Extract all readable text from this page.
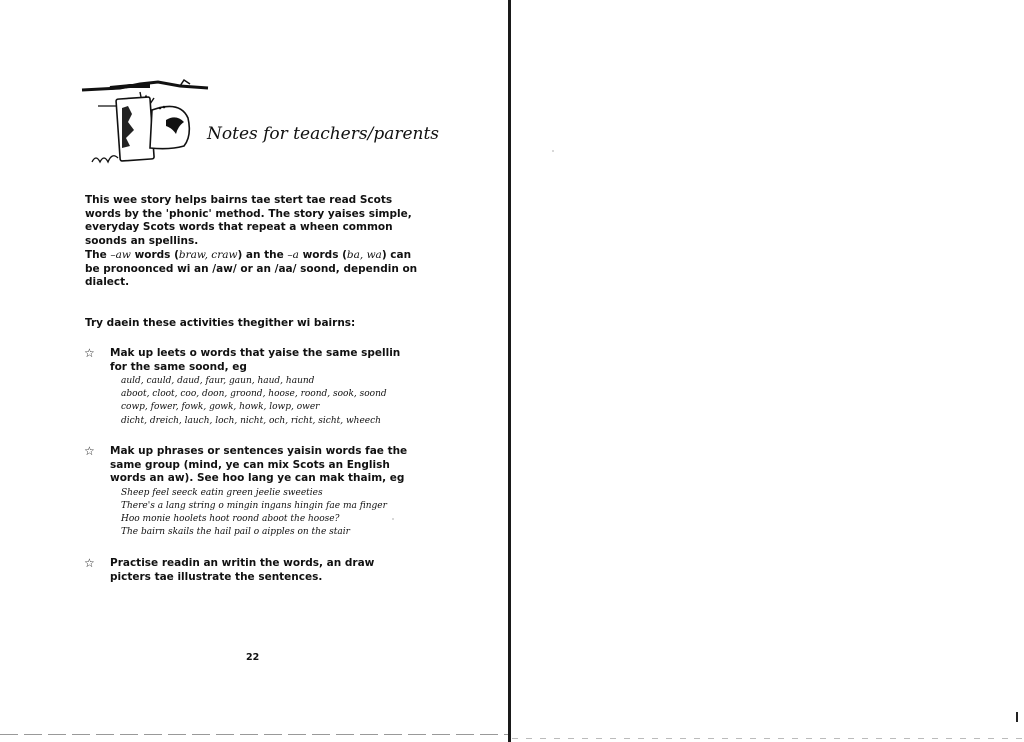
Notes for teachers/parents
This wee story helps bairns tae stert tae read Scots words by the 'phonic' method. The story yaises simple, everyday Scots words that repeat a wheen common soonds an spellins.
The –aw words (braw, craw) an the –a words (ba, wa) can be pronoonced wi an /aw/ or an /aa/ soond, dependin on dialect.
Try daein these activities thegither wi bairns:
☆ Mak up leets o words that yaise the same spellin for the same soond, eg
auld, cauld, daud, faur, gaun, haud, haund
aboot, cloot, coo, doon, groond, hoose, roond, sook, soond
cowp, fower, fowk, gowk, howk, lowp, ower
dicht, dreich, lauch, loch, nicht, och, richt, sicht, wheech
☆ Mak up phrases or sentences yaisin words fae the same group (mind, ye can mix Scots an English words an aw). See hoo lang ye can mak thaim, eg
Sheep feel seeck eatin green jeelie sweeties
There's a lang string o mingin ingans hingin fae ma finger
Hoo monie hoolets hoot roond aboot the hoose?
The bairn skails the hail pail o aipples on the stair
☆ Practise readin an writin the words, an draw picters tae illustrate the sentences.
22
